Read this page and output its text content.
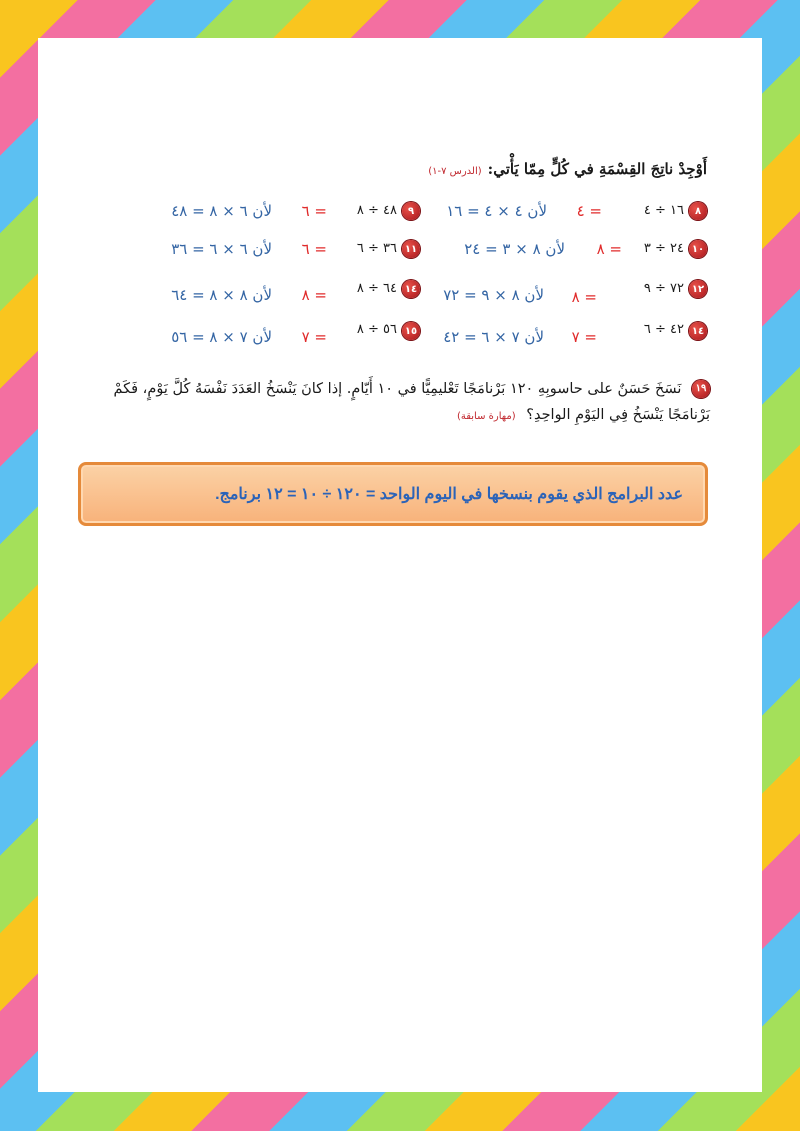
أَوْجِدْ ناتِجَ القِسْمَةِ في كُلٍّ مِمّا يَأْتي:
(الدرس ٧-١)
٨
١٦ ÷ ٤
= ٤
لأن ٤ × ٤ = ١٦
٩
٤٨ ÷ ٨
= ٦
لأن ٦ × ٨ = ٤٨
١٠
٢٤ ÷ ٣
= ٨
لأن ٨ × ٣ = ٢٤
١١
٣٦ ÷ ٦
= ٦
لأن ٦ × ٦ = ٣٦
١٢
٧٢ ÷ ٩
= ٨
لأن ٨ × ٩ = ٧٢
١٤
٦٤ ÷ ٨
= ٨
لأن ٨ × ٨ = ٦٤
١٤
٤٢ ÷ ٦
= ٧
لأن ٧ × ٦ = ٤٢
١٥
٥٦ ÷ ٨
= ٧
لأن ٧ × ٨ = ٥٦
١٩ نَسَخَ حَسَنٌ على حاسوبِهِ ١٢٠ بَرْنامَجًا تَعْليمِيًّا في ١٠ أَيّامٍ. إذا كانَ يَنْسَخُ العَدَدَ نَفْسَهُ كُلَّ يَوْمٍ، فَكَمْ بَرْنامَجًا يَنْسَخُ فِي اليَوْمِ الواحِدِ؟ (مهارة سابقة)
عدد البرامج الذي يقوم بنسخها في اليوم الواحد = ١٢٠ ÷ ١٠ = ١٢ برنامج.
